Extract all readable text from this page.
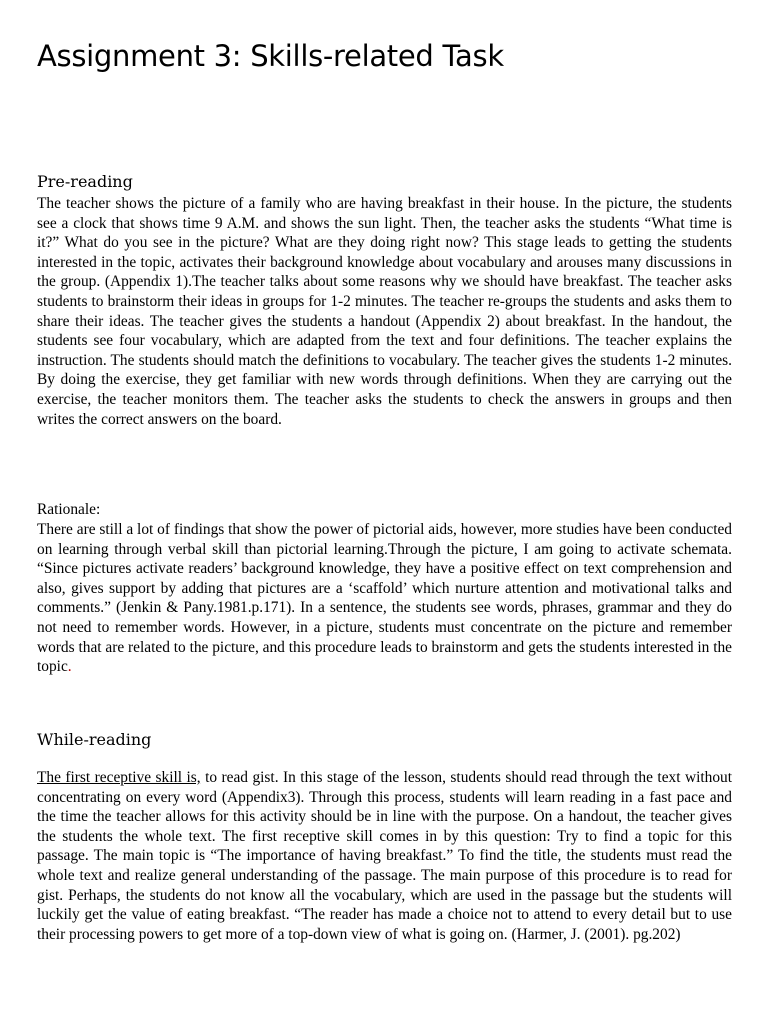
Assignment 3: Skills-related Task
Pre-reading

The teacher shows the picture of a family who are having breakfast in their house. In the picture, the students see a clock that shows time 9 A.M. and shows the sun light. Then, the teacher asks the students “What time is it?” What do you see in the picture? What are they doing right now? This stage leads to getting the students interested in the topic, activates their background knowledge about vocabulary and arouses many discussions in the group. (Appendix 1).The teacher talks about some reasons why we should have breakfast. The teacher asks students to brainstorm their ideas in groups for 1-2 minutes. The teacher re-groups the students and asks them to share their ideas. The teacher gives the students a handout (Appendix 2) about breakfast. In the handout, the students see four vocabulary, which are adapted from the text and four definitions. The teacher explains the instruction. The students should match the definitions to vocabulary. The teacher gives the students 1-2 minutes. By doing the exercise, they get familiar with new words through definitions. When they are carrying out the exercise, the teacher monitors them. The teacher asks the students to check the answers in groups and then writes the correct answers on the board.

Rationale:

There are still a lot of findings that show the power of pictorial aids, however, more studies have been conducted on learning through verbal skill than pictorial learning.Through the picture, I am going to activate schemata. “Since pictures activate readers’ background knowledge, they have a positive effect on text comprehension and also, gives support by adding that pictures are a ‘scaffold’ which nurture attention and motivational talks and comments.” (Jenkin & Pany.1981.p.171). In a sentence, the students see words, phrases, grammar and they do not need to remember words. However, in a picture, students must concentrate on the picture and remember words that are related to the picture, and this procedure leads to brainstorm and gets the students interested in the topic.

While-reading

The first receptive skill is, to read gist. In this stage of the lesson, students should read through the text without concentrating on every word (Appendix3). Through this process, students will learn reading in a fast pace and the time the teacher allows for this activity should be in line with the purpose. On a handout, the teacher gives the students the whole text. The first receptive skill comes in by this question: Try to find a topic for this passage. The main topic is “The importance of having breakfast.” To find the title, the students must read the whole text and realize general understanding of the passage. The main purpose of this procedure is to read for gist. Perhaps, the students do not know all the vocabulary, which are used in the passage but the students will luckily get the value of eating breakfast. “The reader has made a choice not to attend to every detail but to use their processing powers to get more of a top-down view of what is going on. (Harmer, J. (2001). pg.202)
